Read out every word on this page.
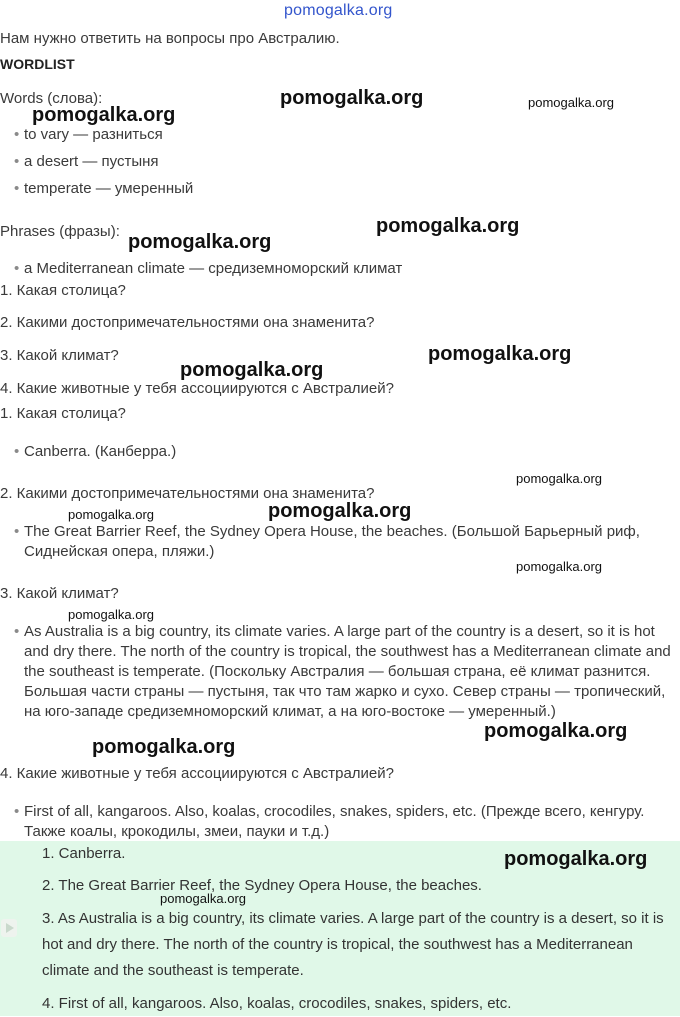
pomogalka.org
Нам нужно ответить на вопросы про Австралию.
WORDLIST
Words (слова):
• to vary — разниться
• a desert — пустыня
• temperate — умеренный
Phrases (фразы):
• a Mediterranean climate — средиземноморский климат
1. Какая столица?
2. Какими достопримечательностями она знаменита?
3. Какой климат?
4. Какие животные у тебя ассоциируются с Австралией?
1. Какая столица?
• Canberra. (Канберра.)
2. Какими достопримечательностями она знаменита?
• The Great Barrier Reef, the Sydney Opera House, the beaches. (Большой Барьерный риф, Сиднейская опера, пляжи.)
3. Какой климат?
• As Australia is a big country, its climate varies. A large part of the country is a desert, so it is hot and dry there. The north of the country is tropical, the southwest has a Mediterranean climate and the southeast is temperate. (Поскольку Австралия — большая страна, её климат разнится. Большая части страны — пустыня, так что там жарко и сухо. Север страны — тропический, на юго-западе средиземноморский климат, а на юго-востоке — умеренный.)
4. Какие животные у тебя ассоциируются с Австралией?
• First of all, kangaroos. Also, koalas, crocodiles, snakes, spiders, etc. (Прежде всего, кенгуру. Также коалы, крокодилы, змеи, пауки и т.д.)
1. Canberra.
2. The Great Barrier Reef, the Sydney Opera House, the beaches.
3. As Australia is a big country, its climate varies. A large part of the country is a desert, so it is hot and dry there. The north of the country is tropical, the southwest has a Mediterranean climate and the southeast is temperate.
4. First of all, kangaroos. Also, koalas, crocodiles, snakes, spiders, etc.
pomogalka.org	pomogalka.org
pomogalka.org
pomogalka.org
pomogalka.org
pomogalka.org
pomogalka.org
pomogalka.org
pomogalka.org
pomogalka.org
pomogalka.org
pomogalka.org
pomogalka.org
pomogalka.org
pomogalka.org
pomogalka.org
